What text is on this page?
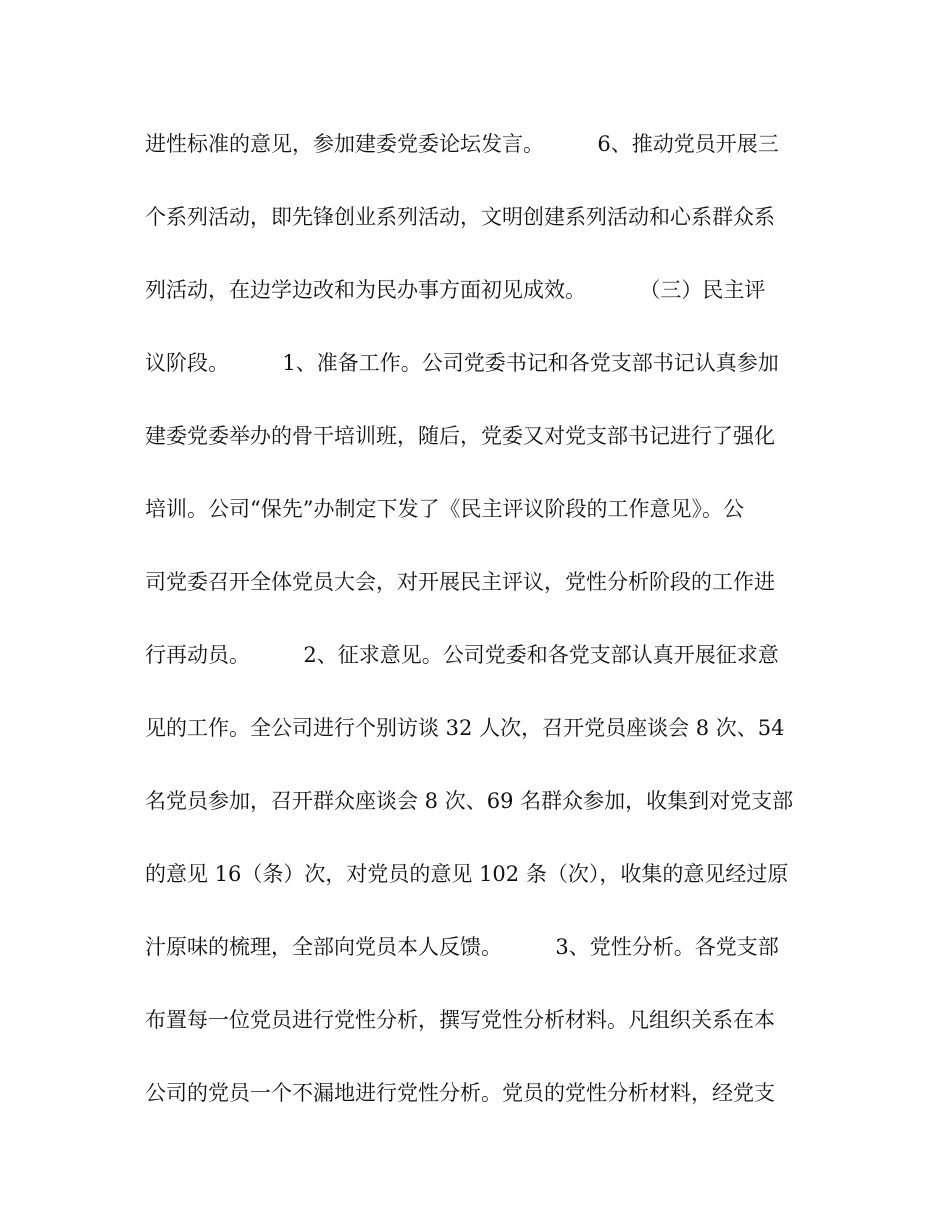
进性标准的意见，参加建委党委论坛发言。        6、推动党员开展三
个系列活动，即先锋创业系列活动，文明创建系列活动和心系群众系
列活动，在边学边改和为民办事方面初见成效。        （三）民主评
议阶段。        1、准备工作。公司党委书记和各党支部书记认真参加
建委党委举办的骨干培训班，随后，党委又对党支部书记进行了强化
培训。公司“保先”办制定下发了《民主评议阶段的工作意见》。公
司党委召开全体党员大会，对开展民主评议，党性分析阶段的工作进
行再动员。        2、征求意见。公司党委和各党支部认真开展征求意
见的工作。全公司进行个别访谈 32 人次，召开党员座谈会 8 次、54
名党员参加，召开群众座谈会 8 次、69 名群众参加，收集到对党支部
的意见 16（条）次，对党员的意见 102 条（次），收集的意见经过原
汁原味的梳理，全部向党员本人反馈。        3、党性分析。各党支部
布置每一位党员进行党性分析，撰写党性分析材料。凡组织关系在本
公司的党员一个不漏地进行党性分析。党员的党性分析材料，经党支
